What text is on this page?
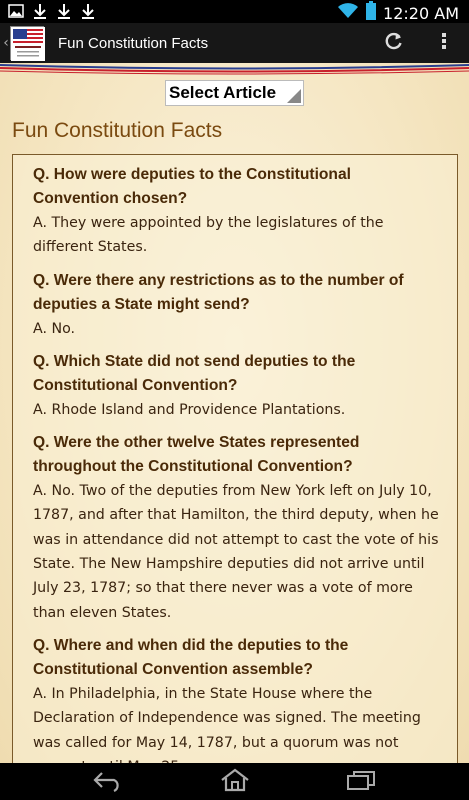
12:20 AM
‹	Fun Constitution Facts
Select Article
Fun Constitution Facts
Q. How were deputies to the Constitutional Convention chosen?
A. They were appointed by the legislatures of the different States.
Q. Were there any restrictions as to the number of deputies a State might send?
A. No.
Q. Which State did not send deputies to the Constitutional Convention?
A. Rhode Island and Providence Plantations.
Q. Were the other twelve States represented throughout the Constitutional Convention?
A. No. Two of the deputies from New York left on July 10, 1787, and after that Hamilton, the third deputy, when he was in attendance did not attempt to cast the vote of his State. The New Hampshire deputies did not arrive until July 23, 1787; so that there never was a vote of more than eleven States.
Q. Where and when did the deputies to the Constitutional Convention assemble?
A. In Philadelphia, in the State House where the Declaration of Independence was signed. The meeting was called for May 14, 1787, but a quorum was not
